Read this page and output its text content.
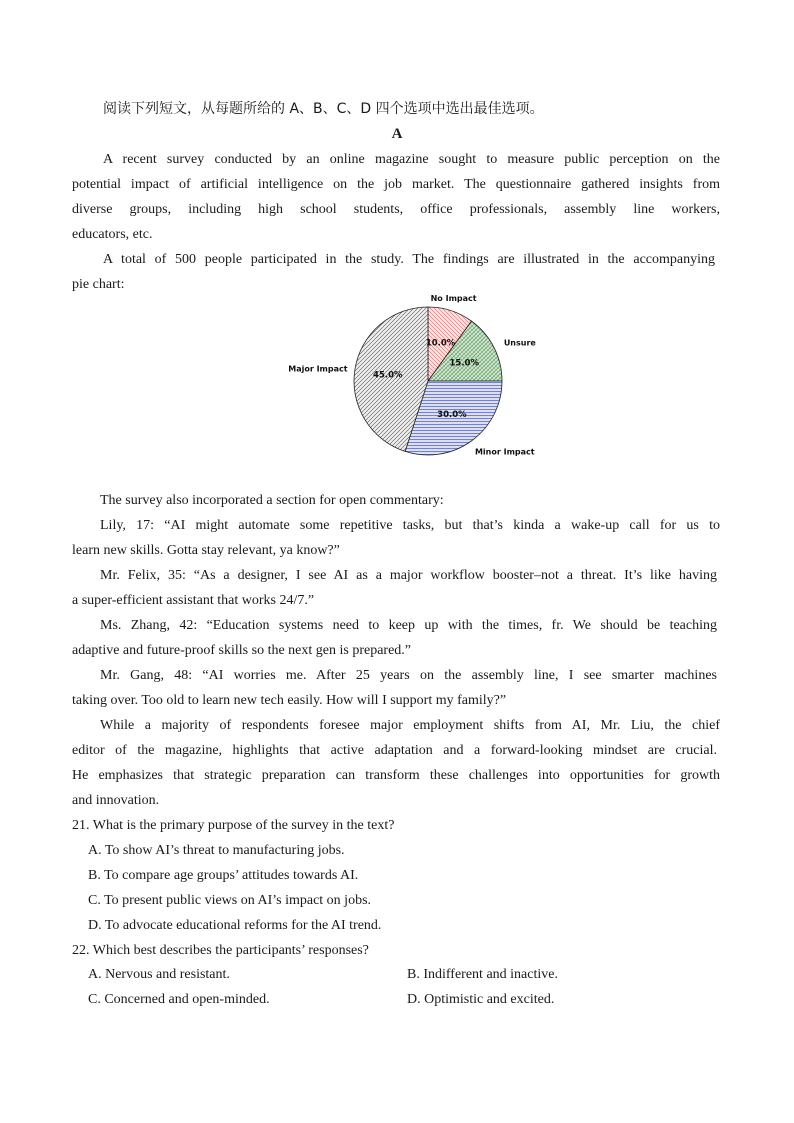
阅读下列短文，从每题所给的 A、B、C、D 四个选项中选出最佳选项。
A
A recent survey conducted by an online magazine sought to measure public perception on the
potential impact of artificial intelligence on the job market. The questionnaire gathered insights from
diverse groups, including high school students, office professionals, assembly line workers,
educators, etc.
A total of 500 people participated in the study. The findings are illustrated in the accompanying
pie chart:
10.0%
No Impact
15.0%
Unsure
30.0%
Minor Impact
45.0%
Major Impact
The survey also incorporated a section for open commentary:
Lily, 17: “AI might automate some repetitive tasks, but that’s kinda a wake-up call for us to
learn new skills. Gotta stay relevant, ya know?”
Mr. Felix, 35: “As a designer, I see AI as a major workflow booster–not a threat. It’s like having
a super-efficient assistant that works 24/7.”
Ms. Zhang, 42: “Education systems need to keep up with the times, fr. We should be teaching
adaptive and future-proof skills so the next gen is prepared.”
Mr. Gang, 48: “AI worries me. After 25 years on the assembly line, I see smarter machines
taking over. Too old to learn new tech easily. How will I support my family?”
While a majority of respondents foresee major employment shifts from AI, Mr. Liu, the chief
editor of the magazine, highlights that active adaptation and a forward-looking mindset are crucial.
He emphasizes that strategic preparation can transform these challenges into opportunities for growth
and innovation.
21. What is the primary purpose of the survey in the text?
A. To show AI’s threat to manufacturing jobs.
B. To compare age groups’ attitudes towards AI.
C. To present public views on AI’s impact on jobs.
D. To advocate educational reforms for the AI trend.
22. Which best describes the participants’ responses?
A. Nervous and resistant.	B. Indifferent and inactive.
C. Concerned and open-minded.	D. Optimistic and excited.
